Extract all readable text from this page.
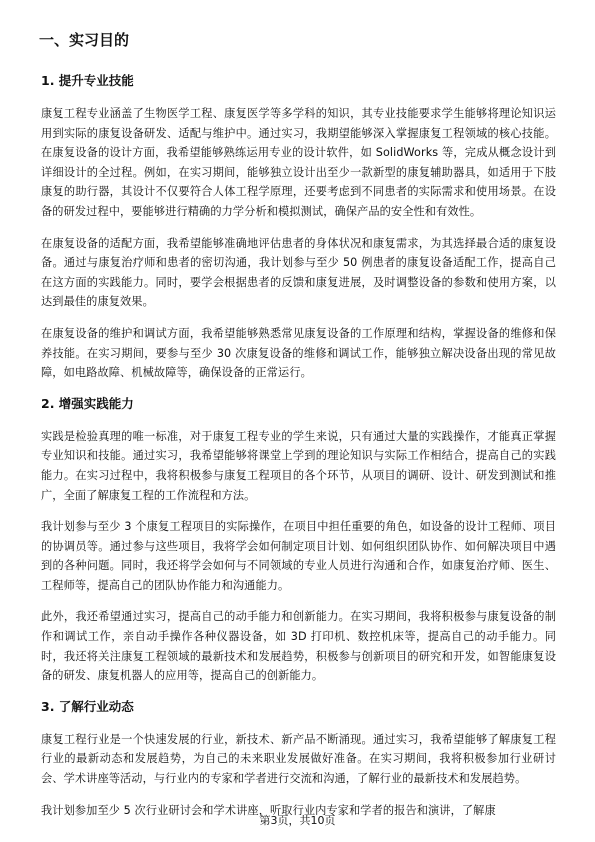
一、实习目的
1. 提升专业技能

康复工程专业涵盖了生物医学工程、康复医学等多学科的知识，其专业技能要求学生能够将理论知识运用到实际的康复设备研发、适配与维护中。通过实习，我期望能够深入掌握康复工程领域的核心技能。在康复设备的设计方面，我希望能够熟练运用专业的设计软件，如 SolidWorks 等，完成从概念设计到详细设计的全过程。例如，在实习期间，能够独立设计出至少一款新型的康复辅助器具，如适用于下肢康复的助行器，其设计不仅要符合人体工程学原理，还要考虑到不同患者的实际需求和使用场景。在设备的研发过程中，要能够进行精确的力学分析和模拟测试，确保产品的安全性和有效性。

在康复设备的适配方面，我希望能够准确地评估患者的身体状况和康复需求，为其选择最合适的康复设备。通过与康复治疗师和患者的密切沟通，我计划参与至少 50 例患者的康复设备适配工作，提高自己在这方面的实践能力。同时，要学会根据患者的反馈和康复进展，及时调整设备的参数和使用方案，以达到最佳的康复效果。

在康复设备的维护和调试方面，我希望能够熟悉常见康复设备的工作原理和结构，掌握设备的维修和保养技能。在实习期间，要参与至少 30 次康复设备的维修和调试工作，能够独立解决设备出现的常见故障，如电路故障、机械故障等，确保设备的正常运行。

2. 增强实践能力

实践是检验真理的唯一标准，对于康复工程专业的学生来说，只有通过大量的实践操作，才能真正掌握专业知识和技能。通过实习，我希望能够将课堂上学到的理论知识与实际工作相结合，提高自己的实践能力。在实习过程中，我将积极参与康复工程项目的各个环节，从项目的调研、设计、研发到测试和推广，全面了解康复工程的工作流程和方法。

我计划参与至少 3 个康复工程项目的实际操作，在项目中担任重要的角色，如设备的设计工程师、项目的协调员等。通过参与这些项目，我将学会如何制定项目计划、如何组织团队协作、如何解决项目中遇到的各种问题。同时，我还将学会如何与不同领域的专业人员进行沟通和合作，如康复治疗师、医生、工程师等，提高自己的团队协作能力和沟通能力。

此外，我还希望通过实习，提高自己的动手能力和创新能力。在实习期间，我将积极参与康复设备的制作和调试工作，亲自动手操作各种仪器设备，如 3D 打印机、数控机床等，提高自己的动手能力。同时，我还将关注康复工程领域的最新技术和发展趋势，积极参与创新项目的研究和开发，如智能康复设备的研发、康复机器人的应用等，提高自己的创新能力。

3. 了解行业动态

康复工程行业是一个快速发展的行业，新技术、新产品不断涌现。通过实习，我希望能够了解康复工程行业的最新动态和发展趋势，为自己的未来职业发展做好准备。在实习期间，我将积极参加行业研讨会、学术讲座等活动，与行业内的专家和学者进行交流和沟通，了解行业的最新技术和发展趋势。

我计划参加至少 5 次行业研讨会和学术讲座，听取行业内专家和学者的报告和演讲，了解康

第3页，共10页
